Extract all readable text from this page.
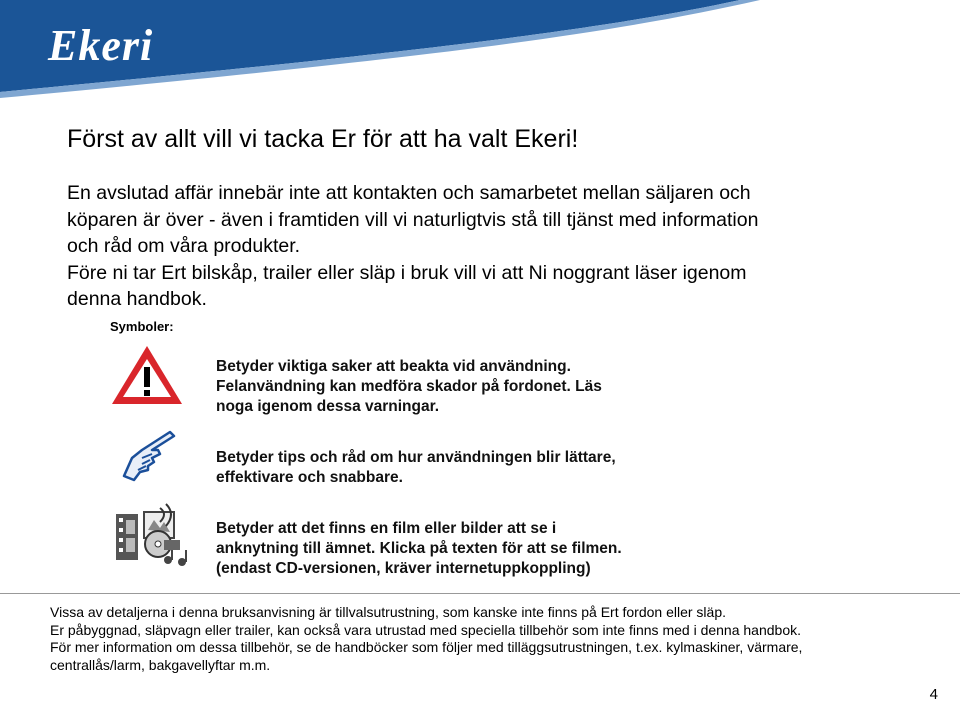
Ekeri
Först av allt vill vi tacka Er för att ha valt Ekeri!
En avslutad affär innebär inte att kontakten och samarbetet mellan säljaren och
köparen är över - även i framtiden vill vi naturligtvis stå till tjänst med information
och råd om våra produkter.
Före ni tar Ert bilskåp, trailer eller släp i bruk vill vi att Ni noggrant läser igenom
denna handbok.
Symboler:
Betyder viktiga saker att beakta vid användning.
Felanvändning kan medföra skador på fordonet. Läs
noga igenom dessa varningar.
Betyder tips och råd om hur användningen blir lättare,
effektivare och snabbare.
Betyder att det finns en film eller bilder att se i
anknytning till ämnet. Klicka på texten för att se filmen.
(endast CD-versionen, kräver internetuppkoppling)

Vissa av detaljerna i denna bruksanvisning är tillvalsutrustning, som kanske inte finns på Ert fordon eller släp.
Er påbyggnad, släpvagn eller trailer, kan också vara utrustad med speciella tillbehör som inte finns med i denna handbok.
För mer information om dessa tillbehör, se de handböcker som följer med tilläggsutrustningen, t.ex. kylmaskiner, värmare,
centrallås/larm, bakgavellyftar m.m.

4
